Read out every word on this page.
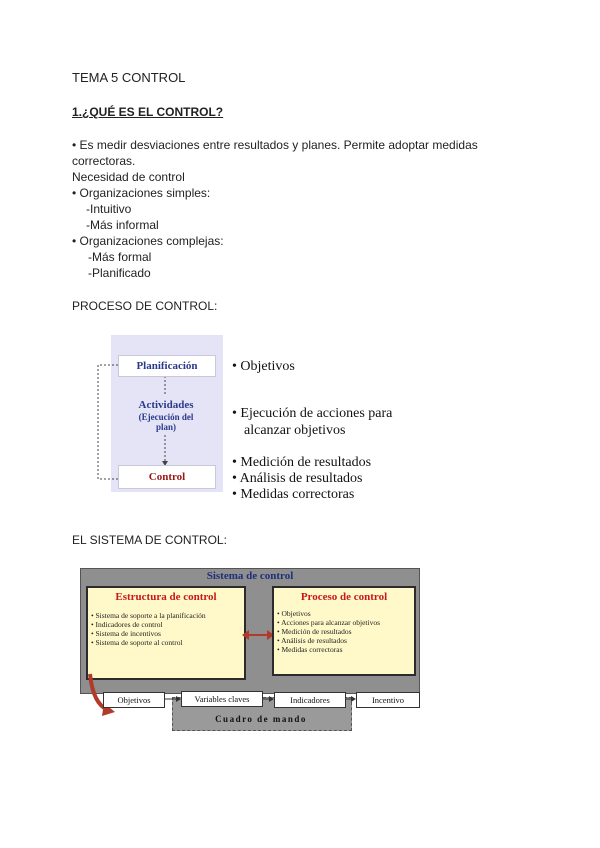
TEMA 5 CONTROL
1.¿QUÉ ES EL CONTROL?
• Es medir desviaciones entre resultados y planes. Permite adoptar medidas
correctoras.
Necesidad de control
• Organizaciones simples:
-Intuitivo
-Más informal
• Organizaciones complejas:
-Más formal
-Planificado
PROCESO DE CONTROL:
Planificación
Actividades
(Ejecución del
plan)
Control
• Objetivos
• Ejecución de acciones para
alcanzar objetivos
• Medición de resultados
• Análisis de resultados
• Medidas correctoras
EL SISTEMA DE CONTROL:
Sistema de control
Estructura de control
• Sistema de soporte a la planificación
• Indicadores de control
• Sistema de incentivos
• Sistema de soporte al control
Proceso de control
• Objetivos
• Acciones para alcanzar objetivos
• Medición de resultados
• Análisis de resultados
• Medidas correctoras
Objetivos	Variables claves	Indicadores	Incentivo
Cuadro de mando
